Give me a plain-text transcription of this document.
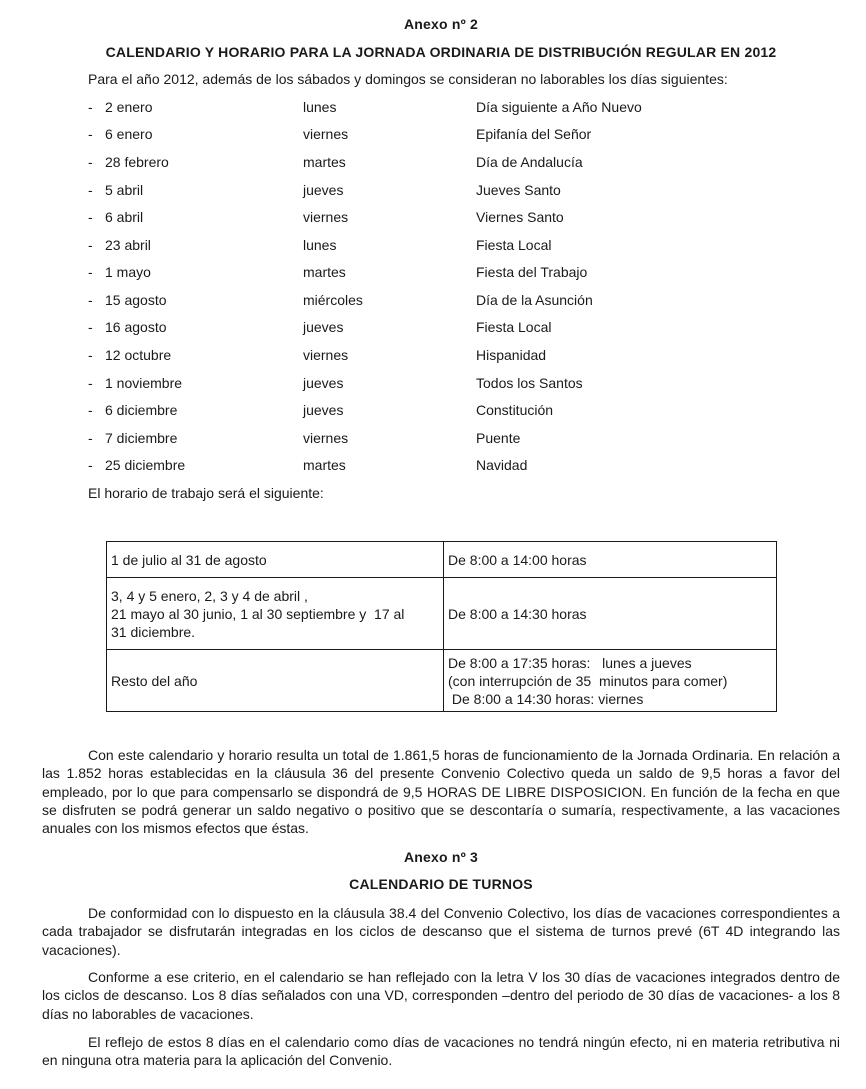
Anexo nº 2
CALENDARIO Y HORARIO PARA LA JORNADA ORDINARIA DE DISTRIBUCIÓN REGULAR EN 2012
Para el año 2012, además de los sábados y domingos se consideran no laborables los días siguientes:
- 2 enero	lunes	Día siguiente a Año Nuevo
- 6 enero	viernes	Epifanía del Señor
- 28 febrero	martes	Día de Andalucía
- 5 abril	jueves	Jueves Santo
- 6 abril	viernes	Viernes Santo
- 23 abril	lunes	Fiesta Local
- 1 mayo	martes	Fiesta del Trabajo
- 15 agosto	miércoles	Día de la Asunción
- 16 agosto	jueves	Fiesta Local
- 12 octubre	viernes	Hispanidad
- 1 noviembre	jueves	Todos los Santos
- 6 diciembre	jueves	Constitución
- 7 diciembre	viernes	Puente
- 25 diciembre	martes	Navidad
El horario de trabajo será el siguiente:
1 de julio al 31 de agosto	De 8:00 a 14:00 horas

3, 4 y 5 enero, 2, 3 y 4 de abril ,
21 mayo al 30 junio, 1 al 30 septiembre y  17 al
31 diciembre.	De 8:00 a 14:30 horas
Resto del año	De 8:00 a 17:35 horas:   lunes a jueves
(con interrupción de 35  minutos para comer)
De 8:00 a 14:30 horas: viernes
Con este calendario y horario resulta un total de 1.861,5 horas de funcionamiento de la Jornada Ordinaria. En relación a las 1.852 horas establecidas en la cláusula 36 del presente Convenio Colectivo queda un saldo de 9,5 horas a favor del empleado, por lo que para compensarlo se dispondrá de 9,5 HORAS DE LIBRE DISPOSICION. En función de la fecha en que se disfruten se podrá generar un saldo negativo o positivo que se descontaría o sumaría, respectivamente, a las vacaciones anuales con los mismos efectos que éstas.
Anexo nº 3
CALENDARIO DE TURNOS
De conformidad con lo dispuesto en la cláusula 38.4 del Convenio Colectivo, los días de vacaciones correspondientes a cada trabajador se disfrutarán integradas en los ciclos de descanso que el sistema de turnos prevé (6T 4D integrando las vacaciones).
Conforme a ese criterio, en el calendario se han reflejado con la letra V los 30 días de vacaciones integrados dentro de los ciclos de descanso. Los 8 días señalados con una VD, corresponden –dentro del periodo de 30 días de vacaciones- a los 8 días no laborables de vacaciones.
El reflejo de estos 8 días en el calendario como días de vacaciones no tendrá ningún efecto, ni en materia retributiva ni en ninguna otra materia para la aplicación del Convenio.
